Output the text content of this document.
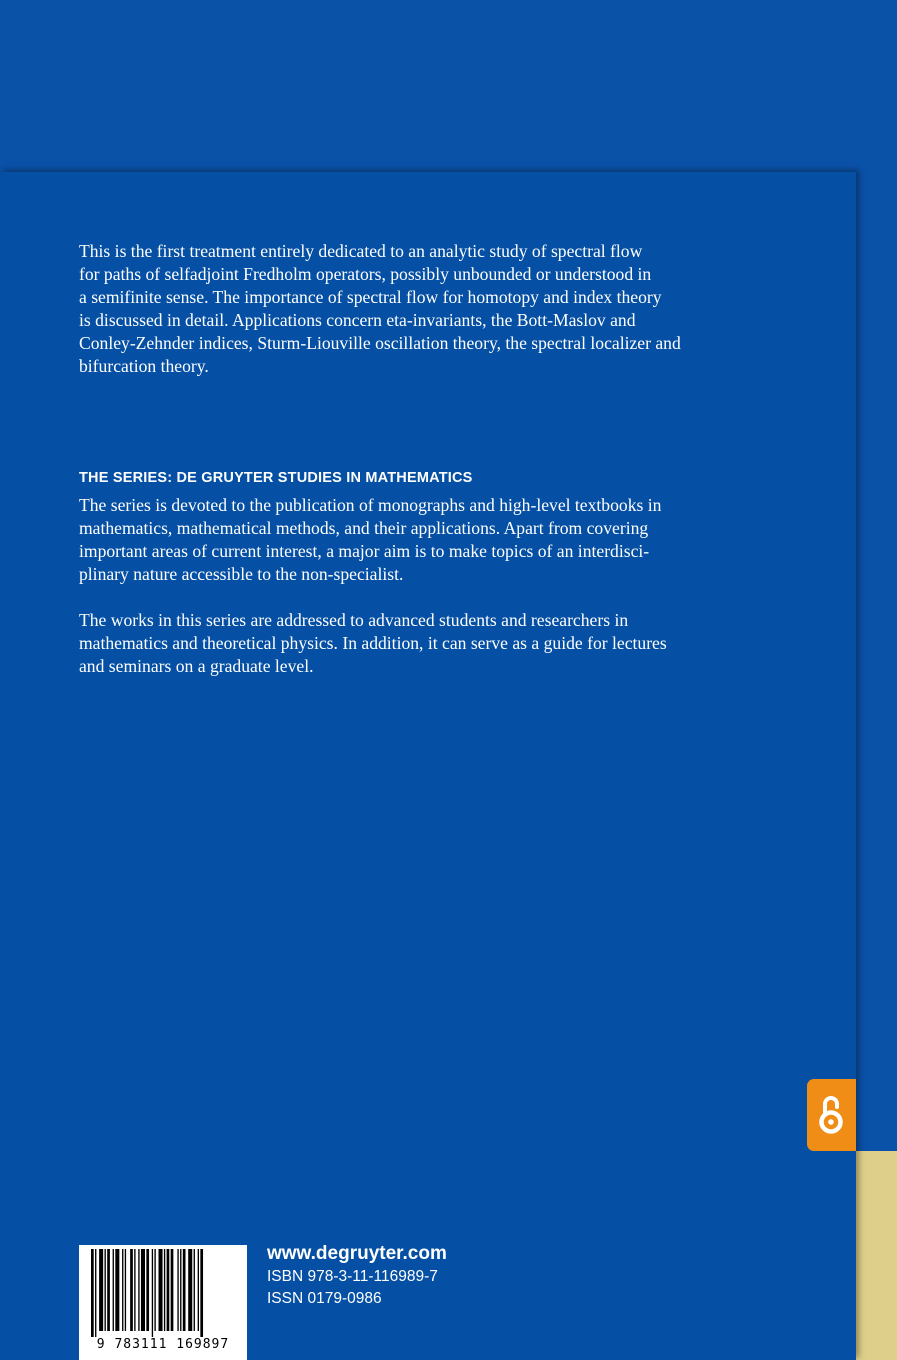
This is the first treatment entirely dedicated to an analytic study of spectral flow
for paths of selfadjoint Fredholm operators, possibly unbounded or understood in
a semifinite sense. The importance of spectral flow for homotopy and index theory
is discussed in detail. Applications concern eta-invariants, the Bott-Maslov and
Conley-Zehnder indices, Sturm-Liouville oscillation theory, the spectral localizer and
bifurcation theory.
THE SERIES: DE GRUYTER STUDIES IN MATHEMATICS
The series is devoted to the publication of monographs and high-level textbooks in
mathematics, mathematical methods, and their applications. Apart from covering
important areas of current interest, a major aim is to make topics of an interdisci-
plinary nature accessible to the non-specialist.
The works in this series are addressed to advanced students and researchers in
mathematics and theoretical physics. In addition, it can serve as a guide for lectures
and seminars on a graduate level.
9 783111 169897
www.degruyter.com
ISBN 978-3-11-116989-7
ISSN 0179-0986
